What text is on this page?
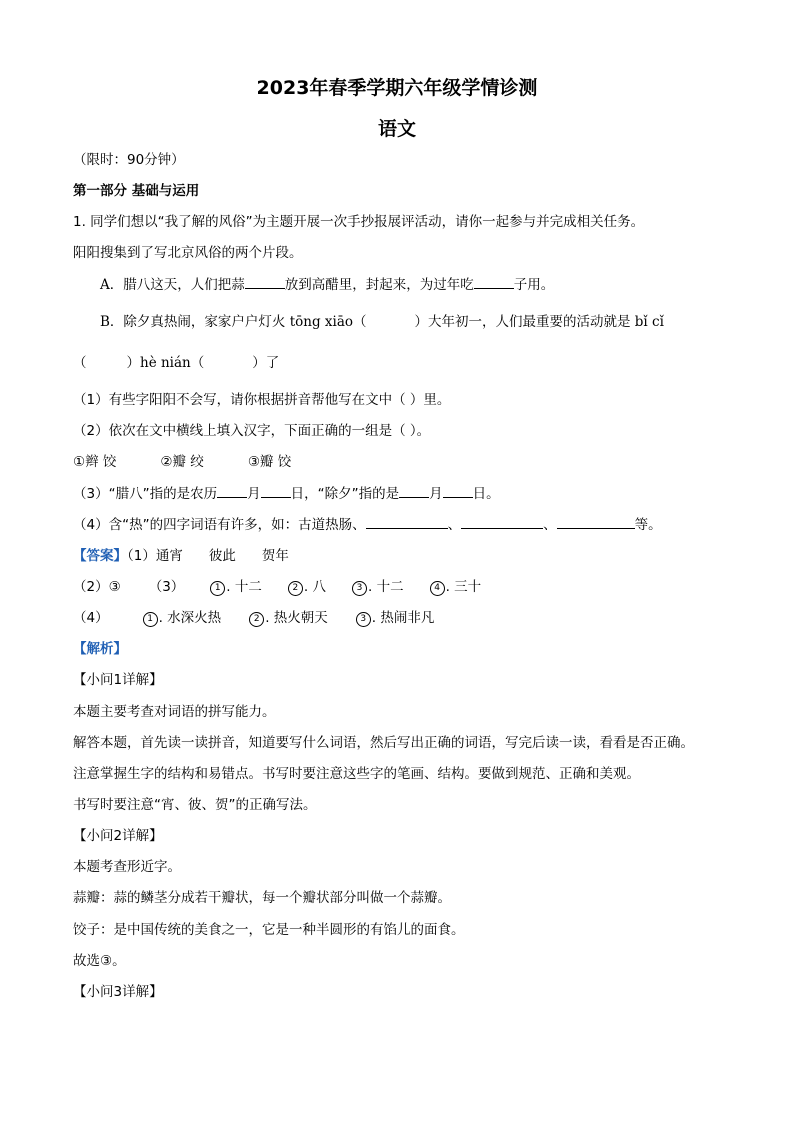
2023年春季学期六年级学情诊测
语文
（限时：90分钟）
第一部分 基础与运用
1. 同学们想以“我了解的风俗”为主题开展一次手抄报展评活动，请你一起参与并完成相关任务。
阳阳搜集到了写北京风俗的两个片段。
A．腊八这天，人们把蒜	放到高醋里，封起来，为过年吃	子用。
B．除夕真热闹，家家户户灯火 tōng xiāo（	）大年初一，人们最重要的活动就是 bǐ cǐ
（	）hè nián（	）了
（1）有些字阳阳不会写，请你根据拼音帮他写在文中（ ）里。
（2）依次在文中横线上填入汉字，下面正确的一组是（ ）。
①辫 饺	②瓣 绞	③瓣 饺
（3）“腊八”指的是农历 月 日，“除夕”指的是 月 日。
（4）含“热”的四字词语有许多，如：古道热肠、	、	、	等。
【答案】（1）通宵 彼此 贺年
（2）③ （3）	1 . 十二	2 . 八	3 . 十二	4 . 三十
（4）	1 . 水深火热	2 . 热火朝天	3 . 热闹非凡
【解析】
【小问1详解】
本题主要考查对词语的拼写能力。
解答本题，首先读一读拼音，知道要写什么词语，然后写出正确的词语，写完后读一读，看看是否正确。
注意掌握生字的结构和易错点。书写时要注意这些字的笔画、结构。要做到规范、正确和美观。
书写时要注意“宵、彼、贺”的正确写法。
【小问2详解】
本题考查形近字。
蒜瓣：蒜的鳞茎分成若干瓣状，每一个瓣状部分叫做一个蒜瓣。
饺子：是中国传统的美食之一，它是一种半圆形的有馅儿的面食。
故选③。
【小问3详解】
